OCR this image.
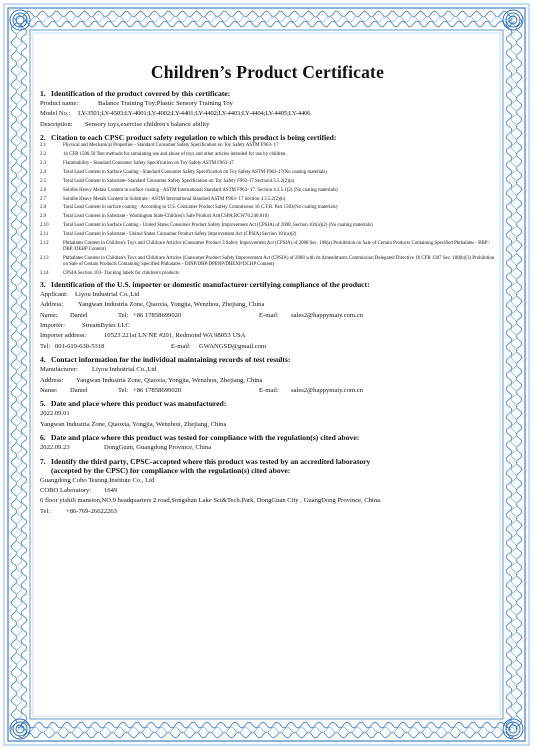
Children’s Product Certificate
1. Identification of the product covered by this certificate:
Product name:	Balance Training Toy;Plastic Sensory Training Toy
Model No.: LY-3501;LY-4503;LY-4001;LY-4002;LY-4401;LY-4402;LY-4403;LY-4404;LY-4405;LY-4406
Description: Sensory toys,exercise children's balance ability
2. Citation to each CPSC product safety regulation to which this product is being certified:
2.1	Physical and Mechanical Properties - Standard Consumer Safety Specification on Toy Safety ASTM F963- 17
2.2	16 CFR 1500.50 Test methods for simulating use and abuse of toys and other articles intended for use by children.
2.3	Flammability - Standard Consumer Safety Specification on Toy Safety ASTM F963-17
2.4	Total Lead Content in Surface Coating - Standard Consumer Safety Specification on Toy Safety ASTM F963-17(No coating materials)
2.5	Total Lead Content in Substrate- Standard Consumer Safety Specification on Toy Safety F963-17.Section4.3.5.2(2)(a)
2.6	Soluble Heavy Metals Content in surface coating - ASTM International Standard ASTM F963- 17. Section 4.3.5.1(2) (No coating materials)
2.7	Soluble Heavy Metals Content in Substrate - ASTM International Standard ASTM F963- 17 Section 4.3.5.2(2)(b)
2.8	Total Lead Content in surface coating - According to U.S. Consumer Product Safety Commission 16 C.F.R. Part 1303(No coating materials)
2.9	Total Lead Content in Substrate - Washington State-Children's Safe Product Act(CSPA,RCW70.240.010)
2.10	Total Lead Content in Surface Coating - United States Consumer Product Safety Improvement Act (CPSIA) of 2008, Section 101(a)(2) (No coating materials)
2.11	Total Lead Content in Substrate - United States Consumer Product Safety Improvement Act (CPSIA) Section 101(a)(2)
2.12	Phthalates Content in Children's Toys and Childcare Articles (Consumer Product 3 Safety Improvement Act (CPSIA) of 2008 Sec. 108(a) Prohibition on Sale of Certain Products Containing Specified Phthalates - BBP / DBP /DEHP Content)
2.13	Phthalates Content in Children's Toys and Childcare Articles (Consumer Product Safety Improvement Act (CPSIA) of 2008 with its Amendments Commission Delegated Directive 16 CFR 1307 Sec. 108(b)(3) Prohibition on Sale of Certain Products Containing Specified Phthalates - DINP/DBP/DPENP/DHEXP/DCHP Content)
2.14	CPSIA Section 103- Tracking labels for children's products
3. Identification of the U.S. importer or domestic manufacturer certifying compliance of the product:
Applicant: Liyou Industrial Co.,Ltd
Address: Yangwan Industria Zone, Qiaoxia, Yongjia, Wenzhou, Zhejiang, China
Name: Daniel	Tel: +86 17858699020	E-mail: sales2@happymaty.com.cn
Importer:	StreamBytes LLC
Importer address:	10523 221st LN NE #201, Redmond WA 98053 USA
Tel: 001-619-630-5318	E-mail: GWANGSD@gmail.com
4. Contact information for the individual maintaining records of test results:
Manufacturer: Liyou Industrial Co.,Ltd
Address: Yangwan Industria Zone, Qiaoxia, Yongjia, Wenzhou, Zhejiang, China
Name: Daniel	Tel: +86 17858699020	E-mail: sales2@happymaty.com.cn
5. Date and place where this product was manufactured:
2022.09.01
Yangwan Industria Zone, Qiaoxia, Yongjia, Wenzhou, Zhejiang, China
6. Date and place where this product was tested for compliance with the regulation(s) cited above:
2022.09.23	DongGuan, Guangdong Province, China
7. Identify the third party, CPSC-accepted where this product was tested by an accredited laboratory
(accepted by the CPSC) for compliance with the regulation(s) cited above:
Guangdong Cobo Testing Institute Co., Ltd
COBO Laboratory: 1649
6 floor yishili mansion,NO.9 headquarters 2 road,Songshan Lake Sci&Tech.Park, DongGuan City , GuangDong Province, China.
Tel: +86-769-26622263
